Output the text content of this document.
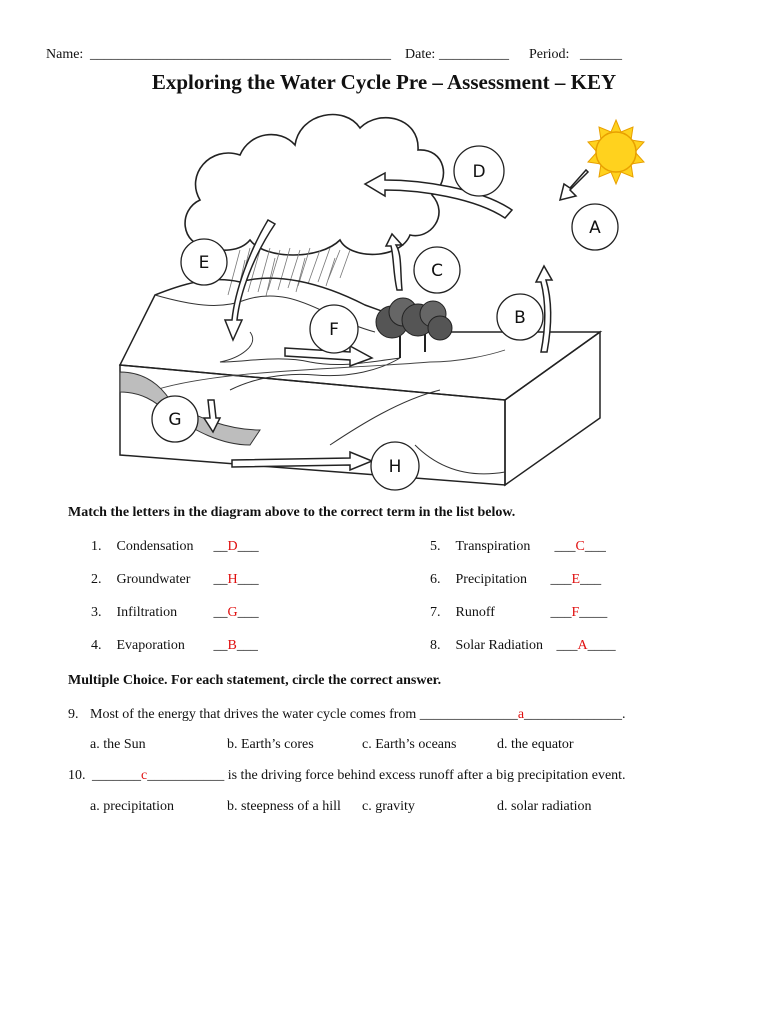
Name: ___________________________________________ Date: __________ Period: ______
Exploring the Water Cycle Pre – Assessment – KEY
A
B
C
D
E
F
G
H
Match the letters in the diagram above to the correct term in the list below.
1. Condensation __D___
2. Groundwater __H___
3. Infiltration	__G___
4. Evaporation __B___
5. Transpiration ___C___
6. Precipitation ___E___
7. Runoff	___F____
8. Solar Radiation ___A____
Multiple Choice. For each statement, circle the correct answer.
9. Most of the energy that drives the water cycle comes from ______________a______________.
a. the Sun	b. Earth’s cores	c. Earth’s oceans	d. the equator
10. _______c___________ is the driving force behind excess runoff after a big precipitation event.
a. precipitation	b. steepness of a hill c. gravity	d. solar radiation
